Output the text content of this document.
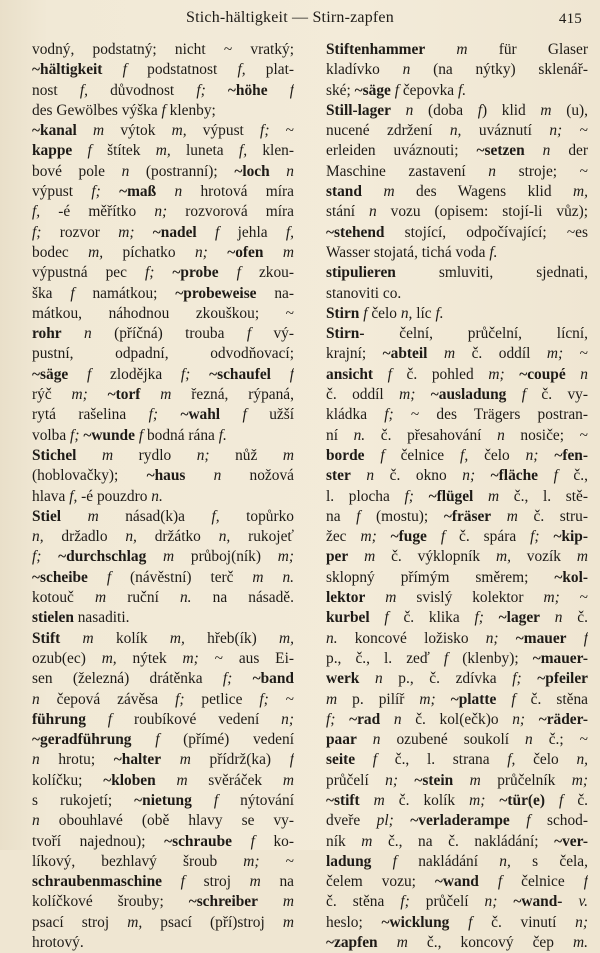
Stich-hältigkeit — Stirn-zapfen	415
vodný, podstatný; nicht ~ vratký;
~hältigkeit f podstatnost f, plat-
nost f, důvodnost f; ~höhe f
des Gewölbes výška f klenby;
~kanal m výtok m, výpust f; ~
kappe f štítek m, luneta f, klen-
bové pole n (postranní); ~loch n
výpust f; ~maß n hrotová míra
f, -é měřítko n; rozvorová míra
f; rozvor m; ~nadel f jehla f,
bodec m, píchatko n; ~ofen m
výpustná pec f; ~probe f zkou-
ška f namátkou; ~probeweise na-
mátkou, náhodnou zkouškou; ~
rohr n (příčná) trouba f vý-
pustní, odpadní, odvodňovací;
~säge f zlodějka f; ~schaufel f
rýč m; ~torf m řezná, rýpaná,
rytá rašelina f; ~wahl f užší
volba f; ~wunde f bodná rána f.
Stichel m rydlo n; nůž m
(hoblovačky); ~haus n nožová
hlava f, -é pouzdro n.
Stiel m násad(k)a f, topůrko
n, držadlo n, držátko n, rukojeť
f; ~durchschlag m průboj(ník) m;
~scheibe f (návěstní) terč m n.
kotouč m ruční n. na násadě.
stielen nasaditi.
Stift m kolík m, hřeb(ík) m,
ozub(ec) m, nýtek m; ~ aus Ei-
sen (železná) drátěnka f; ~band
n čepová závěsa f; petlice f; ~
führung f roubíkové vedení n;
~geradführung f (přímé) vedení
n hrotu; ~halter m přídrž(ka) f
kolíčku; ~kloben m svěráček m
s rukojetí; ~nietung f nýtování
n obouhlavé (obě hlavy se vy-
tvoří najednou); ~schraube f ko-
líkový, bezhlavý šroub m; ~
schraubenmaschine f stroj m na
kolíčkové šrouby; ~schreiber m
psací stroj m, psací (pří)stroj m
hrotový.
Stiftenhammer m für Glaser
kladívko n (na nýtky) sklenář-
ské; ~säge f čepovka f.
Still-lager n (doba f) klid m (u),
nucené zdržení n, uváznutí n; ~
erleiden uváznouti; ~setzen n der
Maschine zastavení n stroje; ~
stand m des Wagens klid m,
stání n vozu (opisem: stojí-li vůz);
~stehend stojící, odpočívající; ~es
Wasser stojatá, tichá voda f.
stipulieren smluviti, sjednati,
stanoviti co.
Stirn f čelo n, líc f.
Stirn- čelní, průčelní, lícní,
krajní; ~abteil m č. oddíl m; ~
ansicht f č. pohled m; ~coupé n
č. oddíl m; ~ausladung f č. vy-
kládka f; ~ des Trägers postran-
ní n. č. přesahování n nosiče; ~
borde f čelnice f, čelo n; ~fen-
ster n č. okno n; ~fläche f č.,
l. plocha f; ~flügel m č., l. stě-
na f (mostu); ~fräser m č. stru-
žec m; ~fuge f č. spára f; ~kip-
per m č. výklopník m, vozík m
sklopný přímým směrem; ~kol-
lektor m svislý kolektor m; ~
kurbel f č. klika f; ~lager n č.
n. koncové ložisko n; ~mauer f
p., č., l. zeď f (klenby); ~mauer-
werk n p., č. zdívka f; ~pfeiler
m p. pilíř m; ~platte f č. stěna
f; ~rad n č. kol(ečk)o n; ~räder-
paar n ozubené soukolí n č.; ~
seite f č., l. strana f, čelo n,
průčelí n; ~stein m průčelník m;
~stift m č. kolík m; ~tür(e) f č.
dveře pl; ~verladerampe f schod-
ník m č., na č. nakládání; ~ver-
ladung f nakládání n, s čela,
čelem vozu; ~wand f čelnice f
č. stěna f; průčelí n; ~wand- v.
heslo; ~wicklung f č. vinutí n;
~zapfen m č., koncový čep m.
